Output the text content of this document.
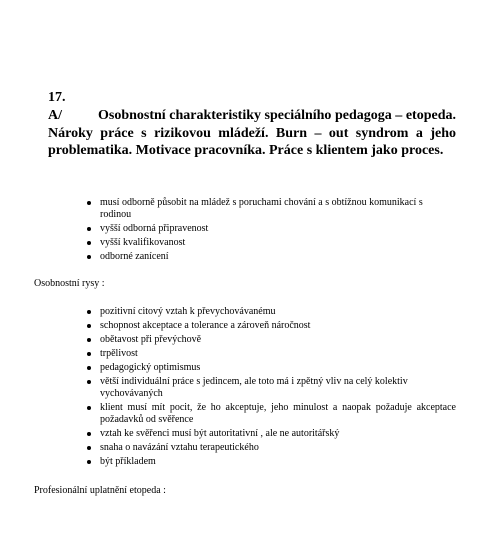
17.
A/	Osobnostní charakteristiky speciálního pedagoga – etopeda. Nároky práce s rizikovou mládeží. Burn – out syndrom a jeho problematika. Motivace pracovníka. Práce s klientem jako proces.
musí odborně působit na mládež s poruchami chování a s obtížnou komunikací s rodinou
vyšší odborná připravenost
vyšší kvalifikovanost
odborné zanícení
Osobnostní rysy :
pozitivní citový vztah k převychovávanému
schopnost akceptace a tolerance a zároveň náročnost
obětavost při převýchově
trpělivost
pedagogický optimismus
větší individuální práce s jedincem, ale toto má i zpětný vliv na celý kolektiv vychovávaných
klient musí mít pocit, že ho akceptuje, jeho minulost a naopak požaduje akceptace požadavků od svěřence
vztah ke svěřenci musí být autoritativní , ale ne autoritářský
snaha o navázání vztahu terapeutického
být příkladem
Profesionální uplatnění etopeda :
